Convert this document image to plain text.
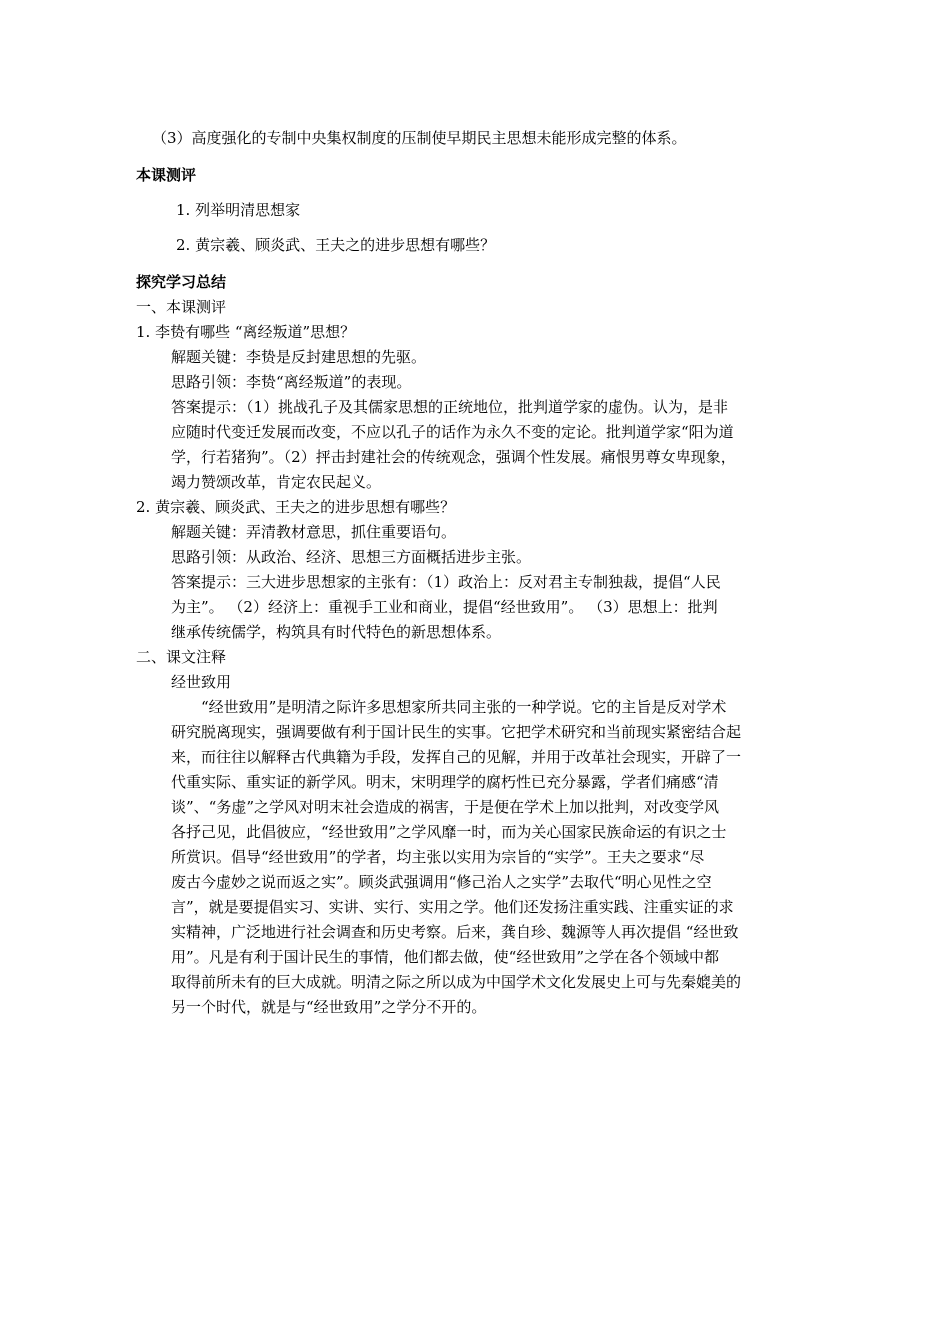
（3）高度强化的专制中央集权制度的压制使早期民主思想未能形成完整的体系。
本课测评
1. 列举明清思想家
2. 黄宗羲、顾炎武、王夫之的进步思想有哪些？
探究学习总结
一、本课测评
1. 李贽有哪些 “离经叛道”思想？
解题关键：李贽是反封建思想的先驱。
思路引领：李贽“离经叛道”的表现。
答案提示：（1）挑战孔子及其儒家思想的正统地位，批判道学家的虚伪。认为，是非
应随时代变迁发展而改变，不应以孔子的话作为永久不变的定论。批判道学家“阳为道
学，行若猪狗”。（2）抨击封建社会的传统观念，强调个性发展。痛恨男尊女卑现象，
竭力赞颂改革，肯定农民起义。
2. 黄宗羲、顾炎武、王夫之的进步思想有哪些？
解题关键：弄清教材意思，抓住重要语句。
思路引领：从政治、经济、思想三方面概括进步主张。
答案提示：三大进步思想家的主张有：（1）政治上：反对君主专制独裁，提倡“人民
为主”。 （2）经济上：重视手工业和商业，提倡“经世致用”。 （3）思想上：批判
继承传统儒学，构筑具有时代特色的新思想体系。
二、课文注释
经世致用
“经世致用”是明清之际许多思想家所共同主张的一种学说。它的主旨是反对学术
研究脱离现实，强调要做有利于国计民生的实事。它把学术研究和当前现实紧密结合起
来，而往往以解释古代典籍为手段，发挥自己的见解，并用于改革社会现实，开辟了一
代重实际、重实证的新学风。明末，宋明理学的腐朽性已充分暴露，学者们痛感“清
谈”、“务虚”之学风对明末社会造成的祸害，于是便在学术上加以批判，对改变学风
各抒己见，此倡彼应，“经世致用”之学风靡一时，而为关心国家民族命运的有识之士
所赏识。倡导“经世致用”的学者，均主张以实用为宗旨的“实学”。王夫之要求“尽
废古今虚妙之说而返之实”。顾炎武强调用“修己治人之实学”去取代“明心见性之空
言”，就是要提倡实习、实讲、实行、实用之学。他们还发扬注重实践、注重实证的求
实精神，广泛地进行社会调查和历史考察。后来，龚自珍、魏源等人再次提倡 “经世致
用”。凡是有利于国计民生的事情，他们都去做，使“经世致用”之学在各个领域中都
取得前所未有的巨大成就。明清之际之所以成为中国学术文化发展史上可与先秦媲美的
另一个时代，就是与“经世致用”之学分不开的。
